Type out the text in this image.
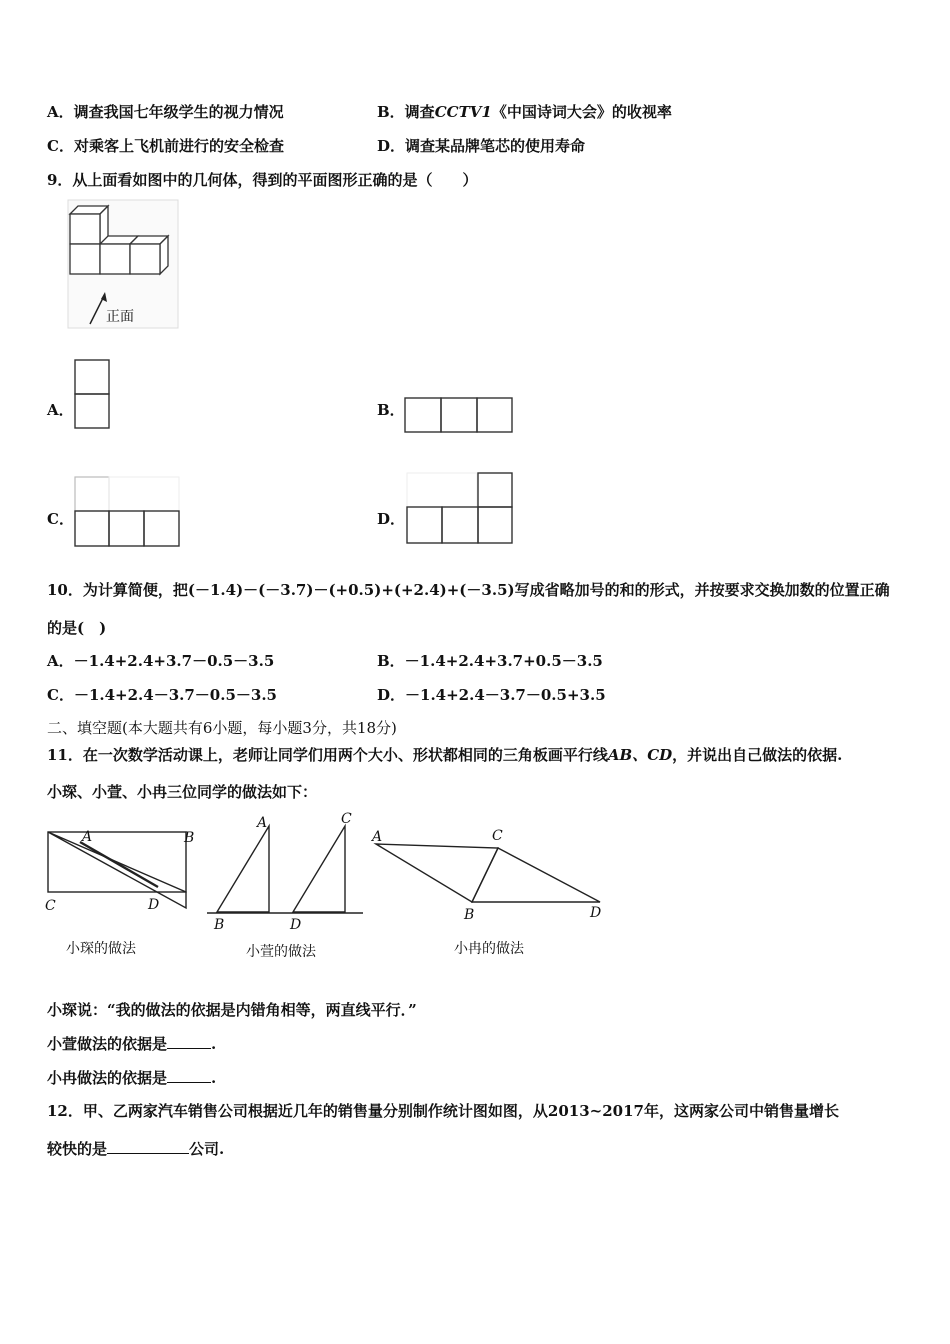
A．调查我国七年级学生的视力情况	B．调查CCTV1《中国诗词大会》的收视率
C．对乘客上飞机前进行的安全检查	D．调查某品牌笔芯的使用寿命
9．从上面看如图中的几何体，得到的平面图形正确的是（　　）
正面
A．	B．
C．	D．
10．为计算简便，把(－1.4)－(－3.7)－(+0.5)+(+2.4)+(－3.5)写成省略加号的和的形式，并按要求交换加数的位置正确
的是(　)
A．－1.4+2.4+3.7－0.5－3.5	B．－1.4+2.4+3.7+0.5－3.5
C．－1.4+2.4－3.7－0.5－3.5	D．－1.4+2.4－3.7－0.5+3.5
二、填空题(本大题共有6小题，每小题3分，共18分)
11．在一次数学活动课上，老师让同学们用两个大小、形状都相同的三角板画平行线AB、CD，并说出自己做法的依据.
小琛、小萱、小冉三位同学的做法如下：
A	B
C	D
小琛的做法
A	C
B	D
小萱的做法
A	C
B	D
小冉的做法
小琛说：“我的做法的依据是内错角相等，两直线平行．”
小萱做法的依据是	.
小冉做法的依据是	.
12．甲、乙两家汽车销售公司根据近几年的销售量分别制作统计图如图，从2013~2017年，这两家公司中销售量增长
较快的是	公司.
